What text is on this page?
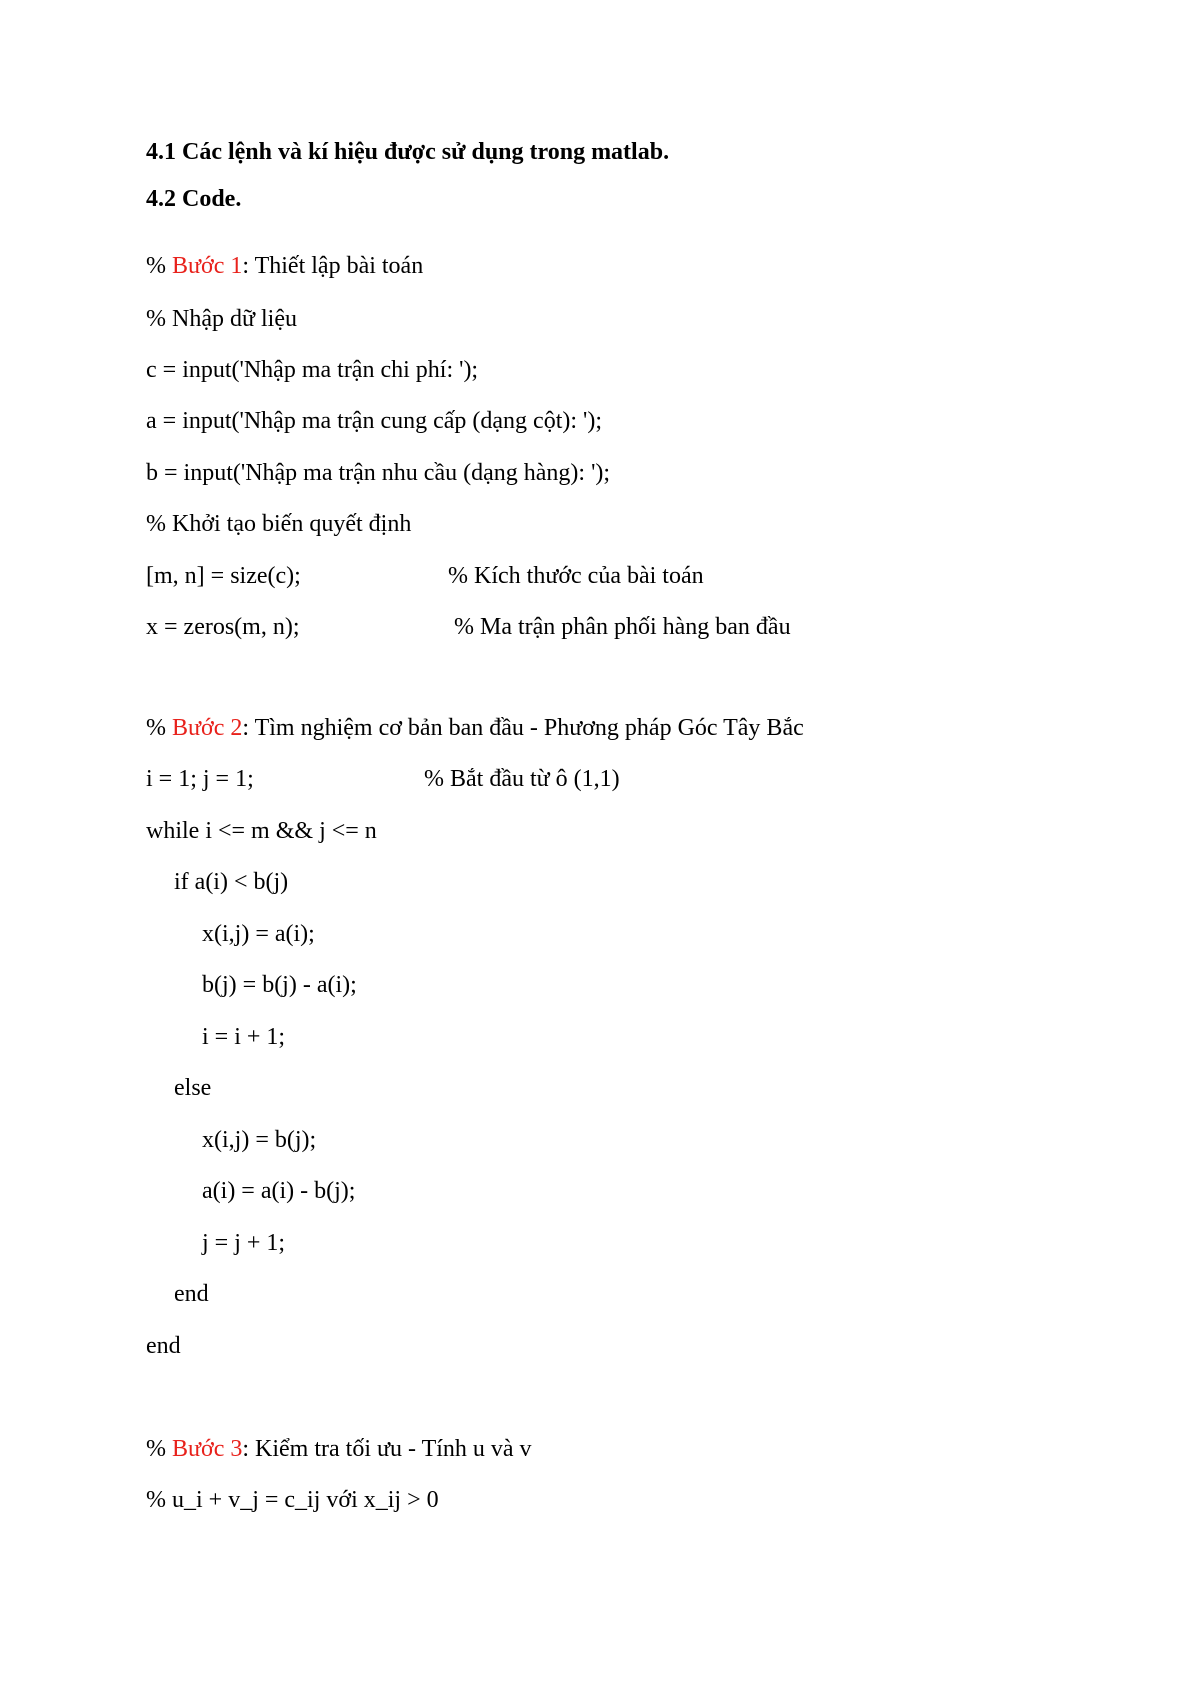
4.1 Các lệnh và kí hiệu được sử dụng trong matlab.
4.2 Code.
% Bước 1: Thiết lập bài toán
% Nhập dữ liệu
c = input('Nhập ma trận chi phí: ');
a = input('Nhập ma trận cung cấp (dạng cột): ');
b = input('Nhập ma trận nhu cầu (dạng hàng): ');
% Khởi tạo biến quyết định
[m, n] = size(c);	% Kích thước của bài toán
x = zeros(m, n);	% Ma trận phân phối hàng ban đầu
% Bước 2: Tìm nghiệm cơ bản ban đầu - Phương pháp Góc Tây Bắc
i = 1; j = 1;	% Bắt đầu từ ô (1,1)
while i <= m && j <= n
if a(i) < b(j)
x(i,j) = a(i);
b(j) = b(j) - a(i);
i = i + 1;
else
x(i,j) = b(j);
a(i) = a(i) - b(j);
j = j + 1;
end
end
% Bước 3: Kiểm tra tối ưu - Tính u và v
% u_i + v_j = c_ij với x_ij > 0
